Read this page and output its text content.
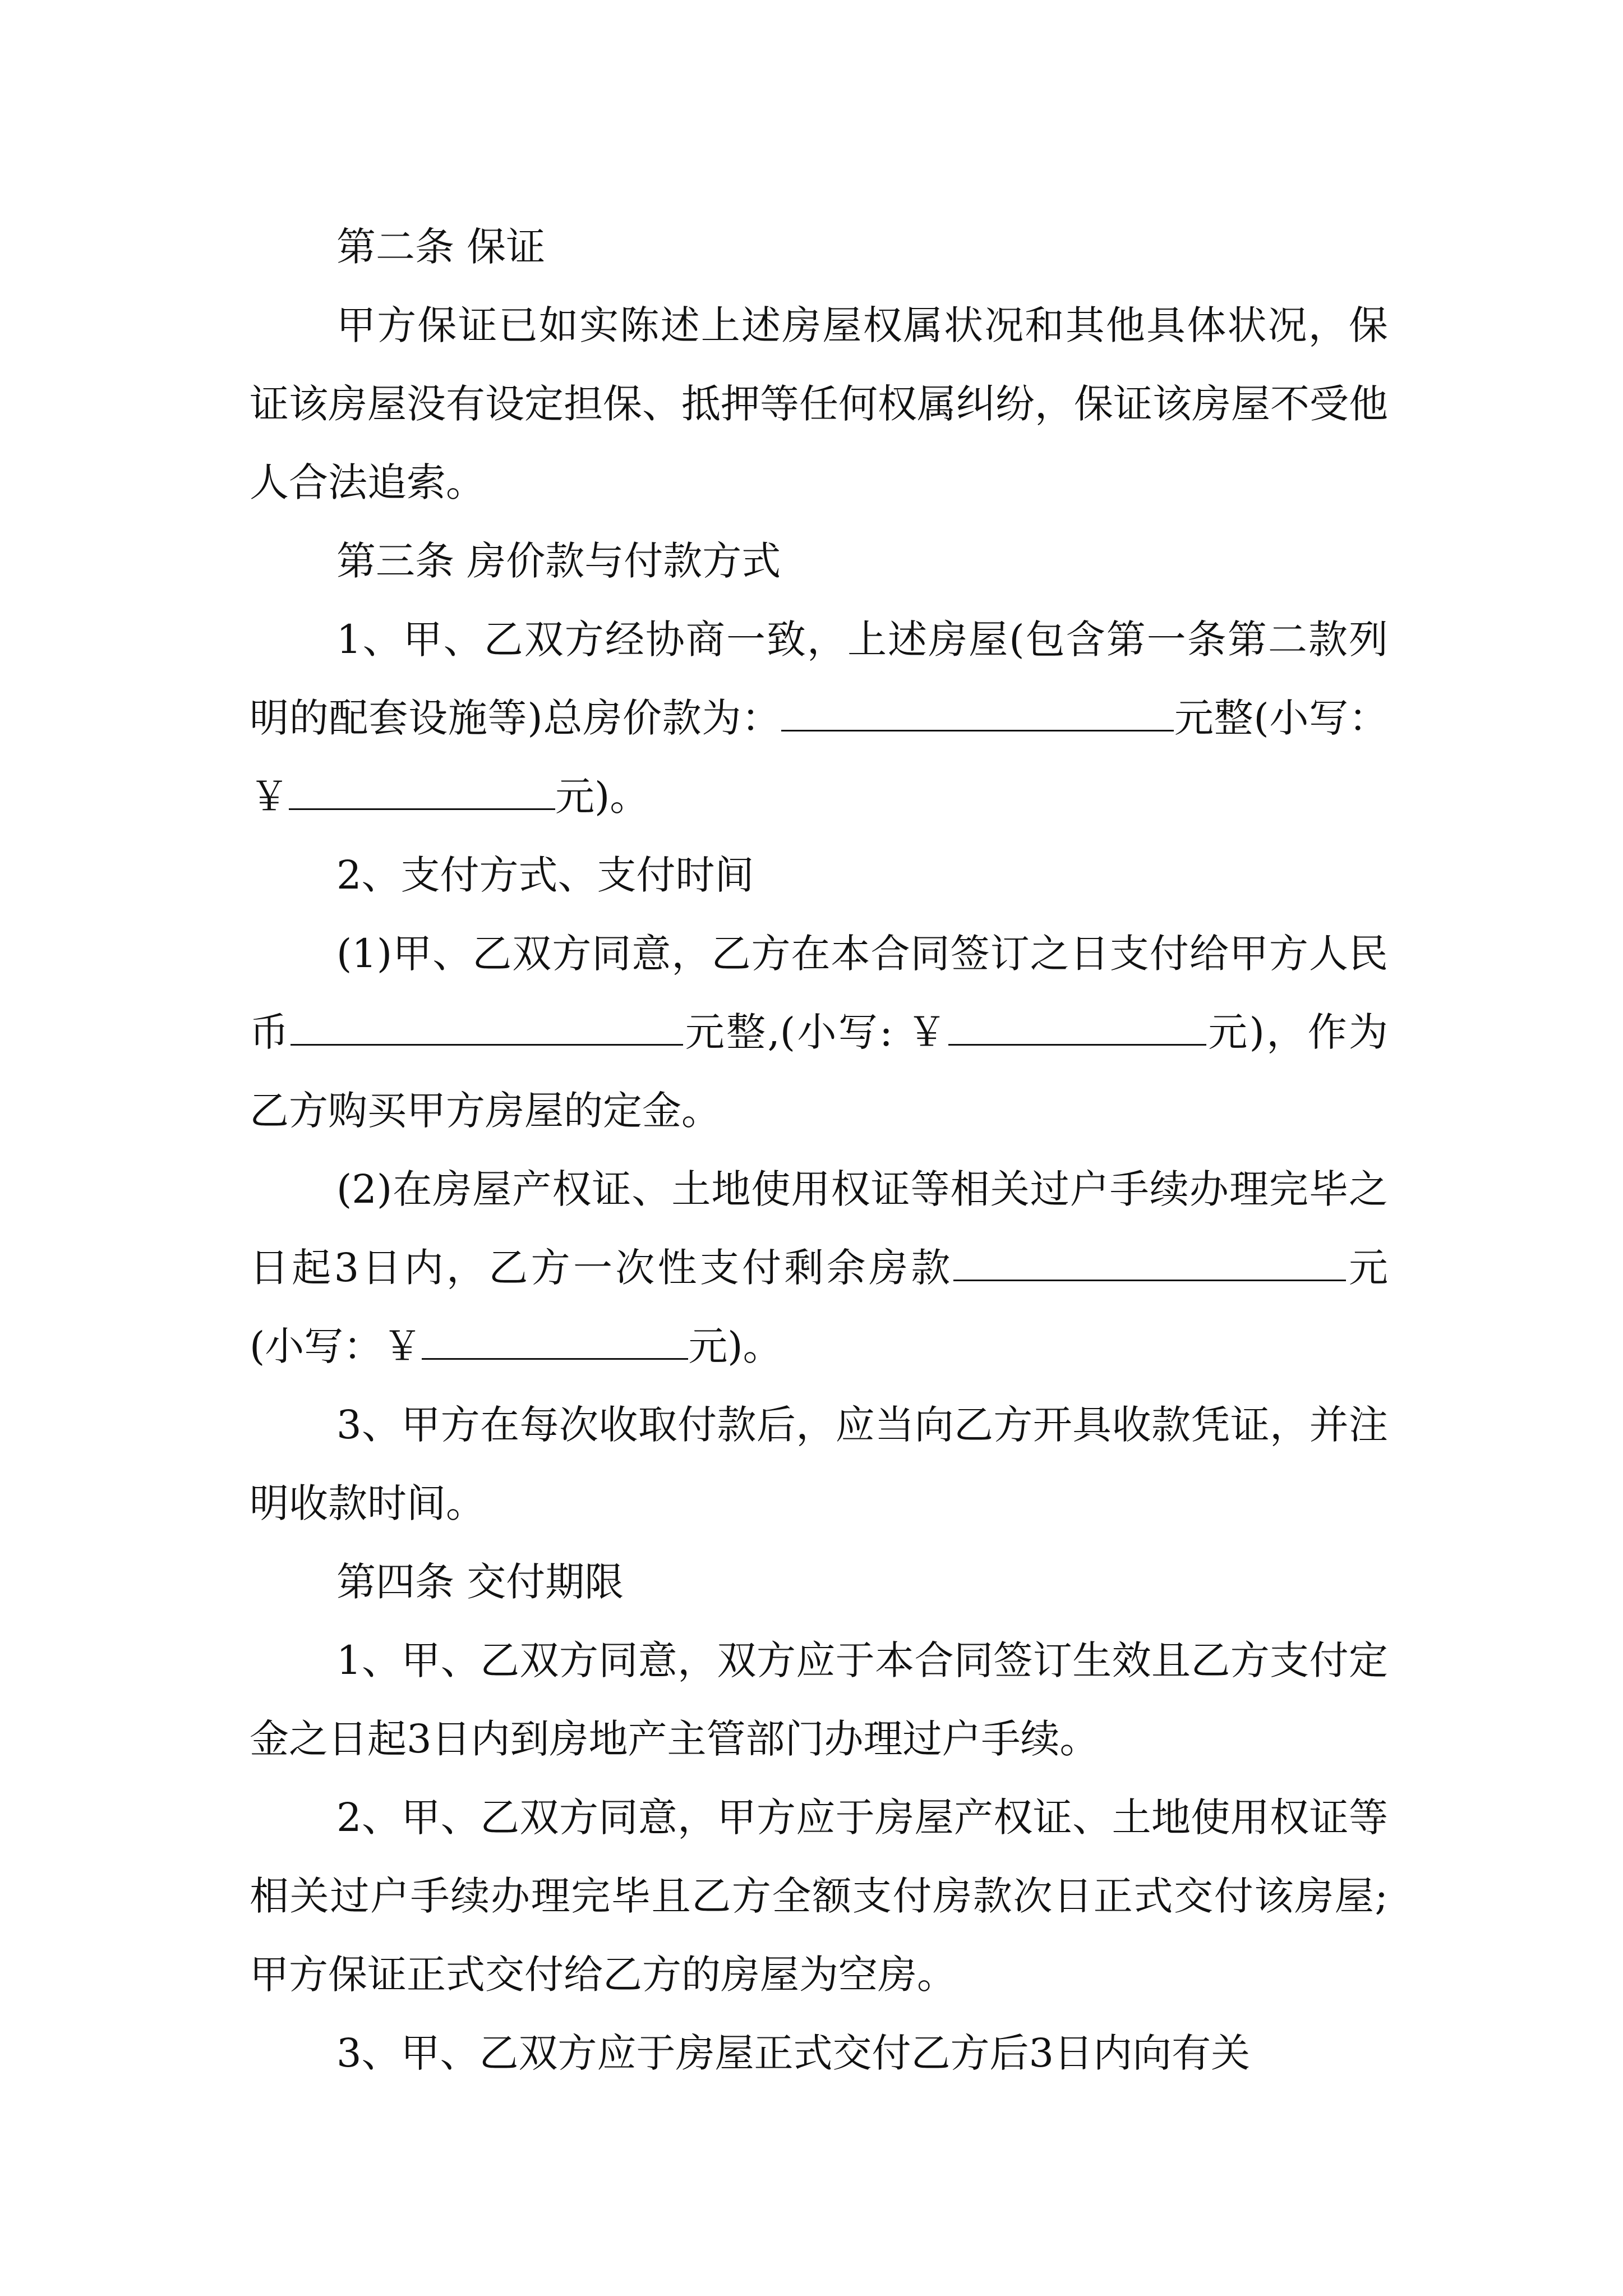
第二条 保证

甲方保证已如实陈述上述房屋权属状况和其他具体状况，保证该房屋没有设定担保、抵押等任何权属纠纷，保证该房屋不受他人合法追索。

第三条 房价款与付款方式

1、甲、乙双方经协商一致，上述房屋(包含第一条第二款列明的配套设施等)总房价款为：	元整(小写：￥	元)。

2、支付方式、支付时间

(1)甲、乙双方同意，乙方在本合同签订之日支付给甲方人民币	元整,(小写: ￥	元)，作为乙方购买甲方房屋的定金。

(2)在房屋产权证、土地使用权证等相关过户手续办理完毕之日起3日内，乙方一次性支付剩余房款	元(小写：￥	元)。

3、甲方在每次收取付款后，应当向乙方开具收款凭证，并注明收款时间。

第四条 交付期限

1、甲、乙双方同意，双方应于本合同签订生效且乙方支付定金之日起3日内到房地产主管部门办理过户手续。

2、甲、乙双方同意，甲方应于房屋产权证、土地使用权证等相关过户手续办理完毕且乙方全额支付房款次日正式交付该房屋;甲方保证正式交付给乙方的房屋为空房。

3、甲、乙双方应于房屋正式交付乙方后3日内向有关
